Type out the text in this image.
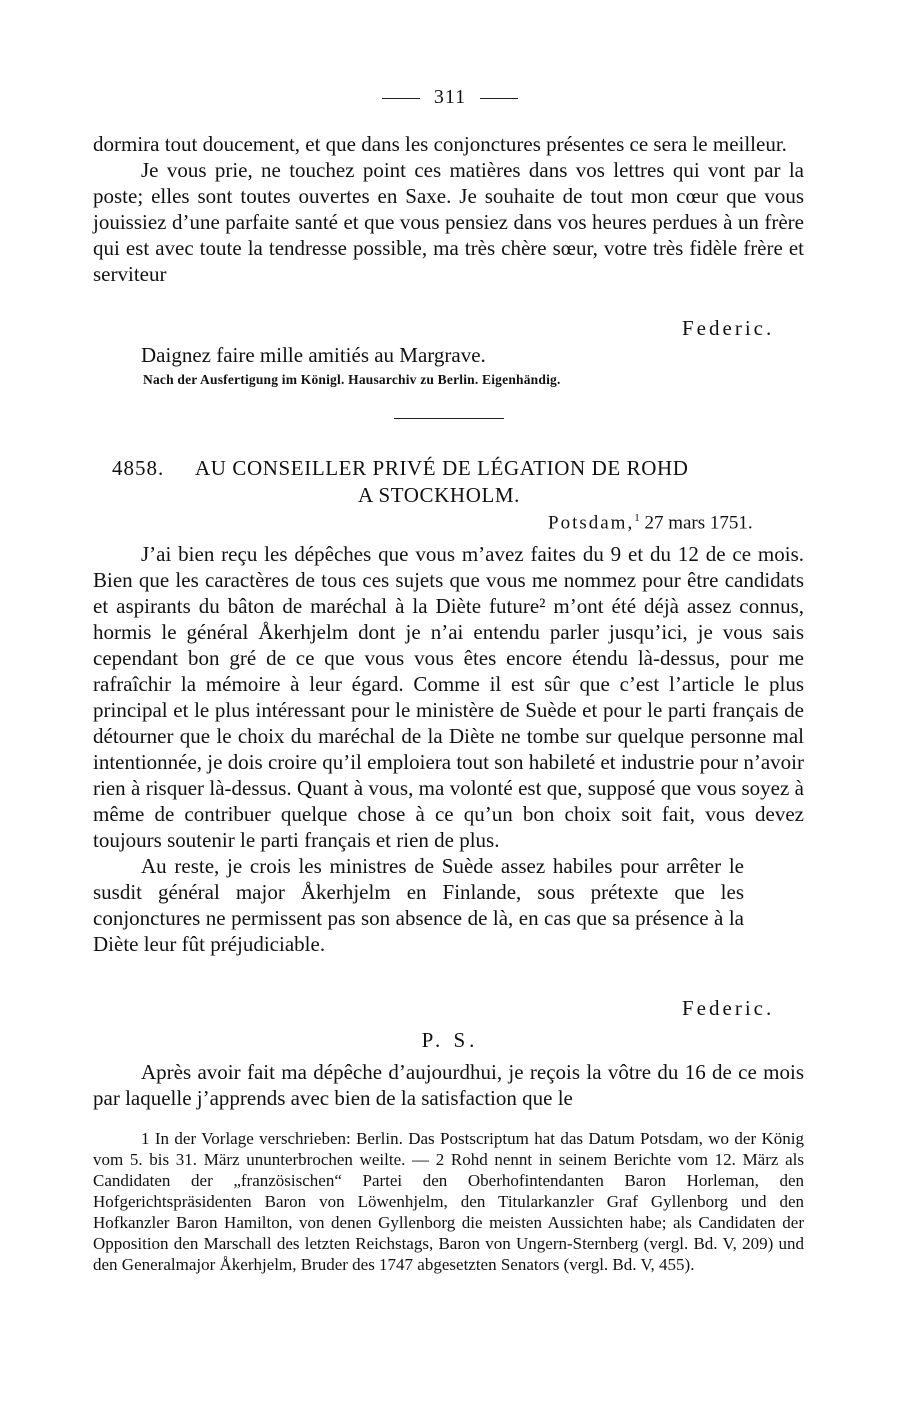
311

dormira tout doucement, et que dans les conjonctures présentes ce sera le meilleur.

Je vous prie, ne touchez point ces matières dans vos lettres qui vont par la poste; elles sont toutes ouvertes en Saxe. Je souhaite de tout mon cœur que vous jouissiez d’une parfaite santé et que vous pensiez dans vos heures perdues à un frère qui est avec toute la tendresse possible, ma très chère sœur, votre très fidèle frère et serviteur

Federic.
Daignez faire mille amitiés au Margrave.
Nach der Ausfertigung im Königl. Hausarchiv zu Berlin. Eigenhändig.
4858. AU CONSEILLER PRIVÉ DE LÉGATION DE ROHD
A STOCKHOLM.
Potsdam,$^1$ 27 mars 1751.

J’ai bien reçu les dépêches que vous m’avez faites du 9 et du 12 de ce mois. Bien que les caractères de tous ces sujets que vous me nommez pour être candidats et aspirants du bâton de maréchal à la Diète future² m’ont été déjà assez connus, hormis le général Åkerhjelm dont je n’ai entendu parler jusqu’ici, je vous sais cependant bon gré de ce que vous vous êtes encore étendu là-dessus, pour me rafraîchir la mémoire à leur égard. Comme il est sûr que c’est l’article le plus principal et le plus intéressant pour le ministère de Suède et pour le parti français de détourner que le choix du maréchal de la Diète ne tombe sur quelque personne mal intentionnée, je dois croire qu’il emploiera tout son habileté et industrie pour n’avoir rien à risquer là-dessus. Quant à vous, ma volonté est que, supposé que vous soyez à même de contribuer quelque chose à ce qu’un bon choix soit fait, vous devez toujours soutenir le parti français et rien de plus.

Au reste, je crois les ministres de Suède assez habiles pour arrêter le susdit général major Åkerhjelm en Finlande, sous prétexte que les conjonctures ne permissent pas son absence de là, en cas que sa présence à la Diète leur fût préjudiciable.

Federic.
P. S.

Après avoir fait ma dépêche d’aujourdhui, je reçois la vôtre du 16 de ce mois par laquelle j’apprends avec bien de la satisfaction que le

1 In der Vorlage verschrieben: Berlin. Das Postscriptum hat das Datum Potsdam, wo der König vom 5. bis 31. März ununterbrochen weilte. — 2 Rohd nennt in seinem Berichte vom 12. März als Candidaten der „französischen“ Partei den Oberhofintendanten Baron Horleman, den Hofgerichtspräsidenten Baron von Löwenhjelm, den Titularkanzler Graf Gyllenborg und den Hofkanzler Baron Hamilton, von denen Gyllenborg die meisten Aussichten habe; als Candidaten der Opposition den Marschall des letzten Reichstags, Baron von Ungern-Sternberg (vergl. Bd. V, 209) und den Generalmajor Åkerhjelm, Bruder des 1747 abgesetzten Senators (vergl. Bd. V, 455).
